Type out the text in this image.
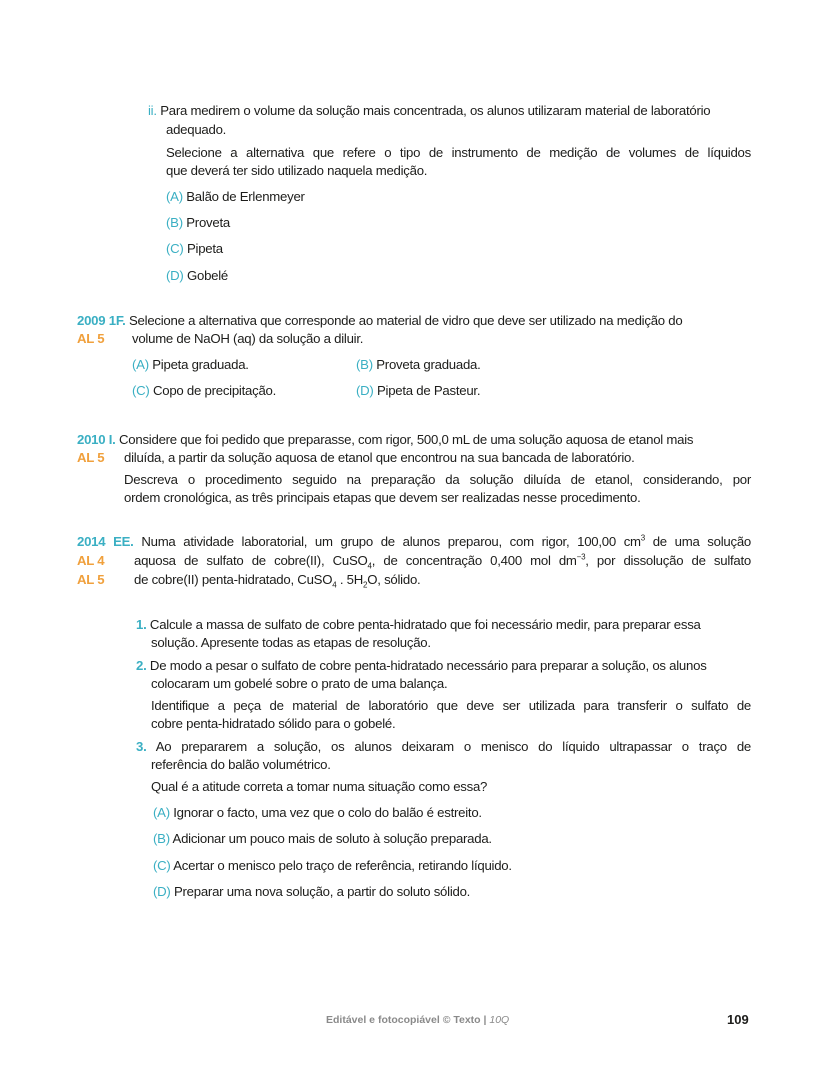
ii. Para medirem o volume da solução mais concentrada, os alunos utilizaram material de laboratório
adequado.
Selecione a alternativa que refere o tipo de instrumento de medição de volumes de líquidos
que deverá ter sido utilizado naquela medição.
(A) Balão de Erlenmeyer
(B) Proveta
(C) Pipeta
(D) Gobelé
2009 1F. Selecione a alternativa que corresponde ao material de vidro que deve ser utilizado na medição do
AL 5 volume de NaOH (aq) da solução a diluir.
(A) Pipeta graduada.	(B) Proveta graduada.
(C) Copo de precipitação.	(D) Pipeta de Pasteur.
2010 I. Considere que foi pedido que preparasse, com rigor, 500,0 mL de uma solução aquosa de etanol mais
AL 5 diluída, a partir da solução aquosa de etanol que encontrou na sua bancada de laboratório.
Descreva o procedimento seguido na preparação da solução diluída de etanol, considerando, por
ordem cronológica, as três principais etapas que devem ser realizadas nesse procedimento.
2014 EE. Numa atividade laboratorial, um grupo de alunos preparou, com rigor, 100,00 $cm^3$ de uma solução
AL 4
AL 5
aquosa de sulfato de cobre(II), CuSO$_4$, de concentração 0,400 mol $dm^{-3}$, por dissolução de sulfato
de cobre(II) penta-hidratado, CuSO$_4$ . $5H_2O$, sólido.
1. Calcule a massa de sulfato de cobre penta-hidratado que foi necessário medir, para preparar essa
solução. Apresente todas as etapas de resolução.
2. De modo a pesar o sulfato de cobre penta-hidratado necessário para preparar a solução, os alunos
colocaram um gobelé sobre o prato de uma balança.
Identifique a peça de material de laboratório que deve ser utilizada para transferir o sulfato de
cobre penta-hidratado sólido para o gobelé.
3. Ao prepararem a solução, os alunos deixaram o menisco do líquido ultrapassar o traço de
referência do balão volumétrico.
Qual é a atitude correta a tomar numa situação como essa?
(A) Ignorar o facto, uma vez que o colo do balão é estreito.
(B) Adicionar um pouco mais de soluto à solução preparada.
(C) Acertar o menisco pelo traço de referência, retirando líquido.
(D) Preparar uma nova solução, a partir do soluto sólido.
Editável e fotocopiável © Texto | 10Q	109
